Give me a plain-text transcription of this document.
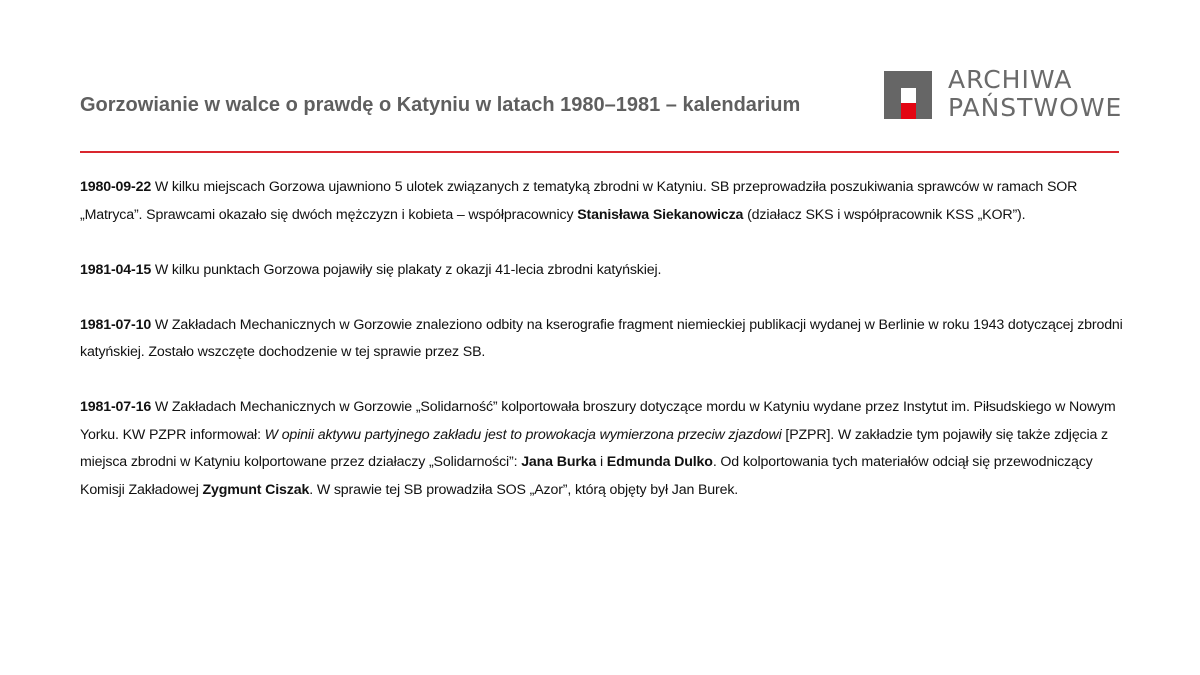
Gorzowianie w walce o prawdę o Katyniu w latach 1980–1981 – kalendarium
ARCHIWA
PAŃSTWOWE

1980-09-22 W kilku miejscach Gorzowa ujawniono 5 ulotek związanych z tematyką zbrodni w Katyniu. SB przeprowadziła poszukiwania sprawców w ramach SOR „Matryca”. Sprawcami okazało się dwóch mężczyzn i kobieta – współpracownicy Stanisława Siekanowicza (działacz SKS i współpracownik KSS „KOR”).

1981-04-15 W kilku punktach Gorzowa pojawiły się plakaty z okazji 41-lecia zbrodni katyńskiej.

1981-07-10 W Zakładach Mechanicznych w Gorzowie znaleziono odbity na kserografie fragment niemieckiej publikacji wydanej w Berlinie w roku 1943 dotyczącej zbrodni katyńskiej. Zostało wszczęte dochodzenie w tej sprawie przez SB.

1981-07-16 W Zakładach Mechanicznych w Gorzowie „Solidarność” kolportowała broszury dotyczące mordu w Katyniu wydane przez Instytut im. Piłsudskiego w Nowym Yorku. KW PZPR informował: W opinii aktywu partyjnego zakładu jest to prowokacja wymierzona przeciw zjazdowi [PZPR]. W zakładzie tym pojawiły się także zdjęcia z miejsca zbrodni w Katyniu kolportowane przez działaczy „Solidarności”: Jana Burka i Edmunda Dulko. Od kolportowania tych materiałów odciął się przewodniczący Komisji Zakładowej Zygmunt Ciszak. W sprawie tej SB prowadziła SOS „Azor”, którą objęty był Jan Burek.
